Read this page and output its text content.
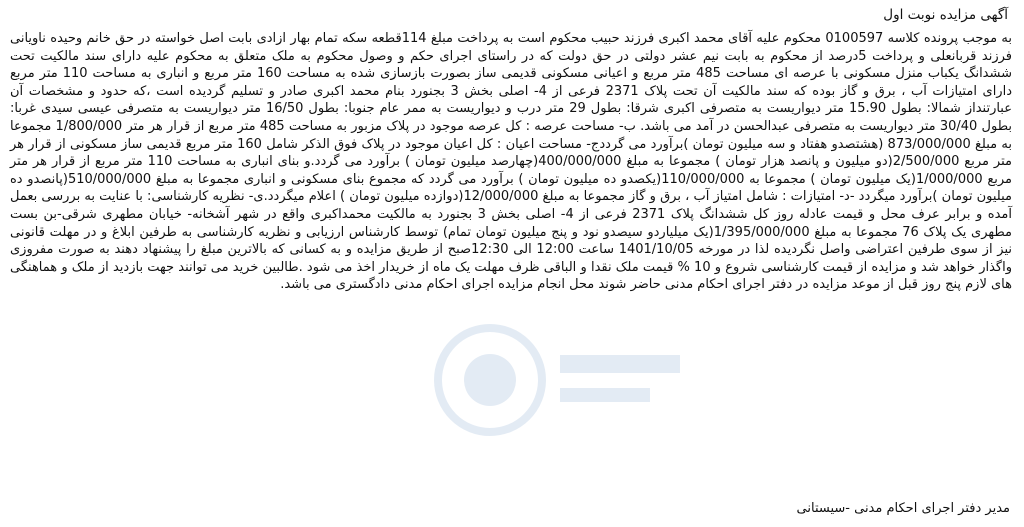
آگهی مزایده نوبت اول

به موجب پرونده کلاسه 0100597 محکوم علیه آقای محمد اکبری فرزند حبیب محکوم است به پرداخت مبلغ 114قطعه سکه تمام بهار ازادی بابت اصل خواسته در حق خانم وحیده ناویانی فرزند قربانعلی و پرداخت 5درصد از محکوم به بابت نیم عشر دولتی در حق دولت که در راستای اجرای حکم و وصول محکوم به ملک متعلق به محکوم علیه دارای سند مالکیت تحت ششدانگ یکباب منزل مسکونی با عرصه ای مساحت 485 متر مربع و اعیانی مسکونی قدیمی ساز بصورت بازسازی شده به مساحت 160 متر مربع و انباری به مساحت 110 متر مربع دارای امتیازات آب ، برق و گاز بوده که سند مالکیت آن تحت پلاک 2371 فرعی از 4- اصلی بخش 3 بجنورد بنام محمد اکبری صادر و تسلیم گردیده است ،که حدود و مشخصات آن عبارتنداز شمالا: بطول 15.90 متر دیواریست به متصرفی اکبری شرقا: بطول 29 متر درب و دیواریست به ممر عام جنوبا: بطول 16/50 متر دیواریست به متصرفی عیسی سیدی غربا: بطول 30/40 متر دیواریست به متصرفی عبدالحسن در آمد می باشد. ب- مساحت عرصه : کل عرصه موجود در پلاک مزبور به مساحت 485 متر مربع از قرار هر متر 1/800/000 مجموعا به مبلغ 873/000/000 (هشتصدو هفتاد و سه میلیون تومان )برآورد می گرددج- مساحت اعیان : کل اعیان موجود در پلاک فوق الذکر شامل 160 متر مربع قدیمی ساز مسکونی از قرار هر متر مربع 2/500/000(دو میلیون و پانصد هزار تومان ) مجموعا به مبلغ 400/000/000(چهارصد میلیون تومان ) برآورد می گردد.و بنای انباری به مساحت 110 متر مربع از قرار هر متر مربع 1/000/000(یک میلیون تومان ) مجموعا به 110/000/000(یکصدو ده میلیون تومان ) برآورد می گردد که مجموع بنای مسکونی و انباری مجموعا به مبلغ 510/000/000(پانصدو ده میلیون تومان )برآورد میگردد -د- امتیازات : شامل امتیاز آب ، برق و گاز مجموعا به مبلغ 12/000/000(دوازده میلیون تومان ) اعلام میگردد.ی- نظریه کارشناسی: با عنایت به بررسی بعمل آمده و برابر عرف محل و قیمت عادله روز کل ششدانگ پلاک 2371 فرعی از 4- اصلی بخش 3 بجنورد به مالکیت محمداکبری واقع در شهر آشخانه- خیابان مطهری شرقی-بن بست مطهری یک پلاک 76 مجموعا به مبلغ 1/395/000/000(یک میلیاردو سیصدو نود و پنج میلیون تومان تمام) توسط کارشناس ارزیابی و نظریه کارشناسی به طرفین ابلاغ و در مهلت قانونی نیز از سوی طرفین اعتراضی واصل نگردیده لذا در مورخه 1401/10/05 ساعت 12:00 الی 12:30صبح از طریق مزایده و به کسانی که بالاترین مبلغ را پیشنهاد دهند به صورت مفروزی واگذار خواهد شد و مزایده از قیمت کارشناسی شروع و 10 % قیمت ملک نقدا و الباقی ظرف مهلت یک ماه از خریدار اخذ می شود .طالبین خرید می توانند جهت بازدید از ملک و هماهنگی های لازم پنج روز قبل از موعد مزایده در دفتر اجرای احکام مدنی حاضر شوند محل انجام مزایده اجرای احکام مدنی دادگستری می باشد.

مدیر دفتر اجرای احکام مدنی -سیستانی
